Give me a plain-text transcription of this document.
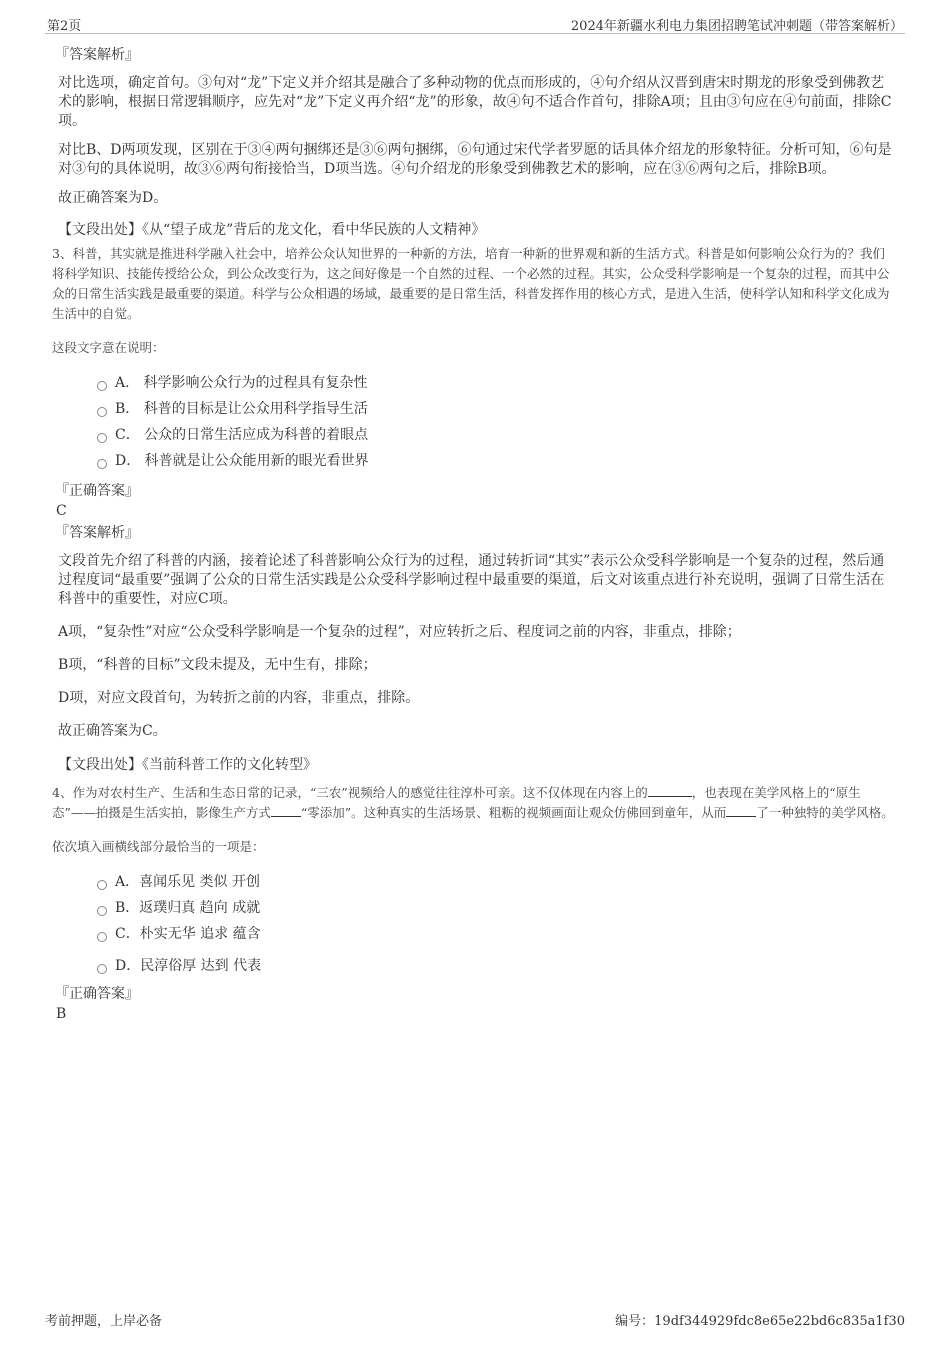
第2页	2024年新疆水利电力集团招聘笔试冲刺题（带答案解析）
『答案解析』
对比选项，确定首句。③句对“龙”下定义并介绍其是融合了多种动物的优点而形成的，④句介绍从汉晋到唐宋时期龙的形象受到佛教艺术的影响，根据日常逻辑顺序，应先对“龙”下定义再介绍“龙”的形象，故④句不适合作首句，排除A项；且由③句应在④句前面，排除C项。
对比B、D两项发现，区别在于③④两句捆绑还是③⑥两句捆绑，⑥句通过宋代学者罗愿的话具体介绍龙的形象特征。分析可知，⑥句是对③句的具体说明，故③⑥两句衔接恰当，D项当选。④句介绍龙的形象受到佛教艺术的影响，应在③⑥两句之后，排除B项。
故正确答案为D。
【文段出处】《从“望子成龙”背后的龙文化，看中华民族的人文精神》
3、科普，其实就是推进科学融入社会中，培养公众认知世界的一种新的方法，培育一种新的世界观和新的生活方式。科普是如何影响公众行为的？我们将科学知识、技能传授给公众，到公众改变行为，这之间好像是一个自然的过程、一个必然的过程。其实，公众受科学影响是一个复杂的过程，而其中公众的日常生活实践是最重要的渠道。科学与公众相遇的场域，最重要的是日常生活，科普发挥作用的核心方式，是进入生活，使科学认知和科学文化成为生活中的自觉。
这段文字意在说明：
A． 科学影响公众行为的过程具有复杂性
B． 科普的目标是让公众用科学指导生活
C． 公众的日常生活应成为科普的着眼点
D． 科普就是让公众能用新的眼光看世界
『正确答案』
C
『答案解析』
文段首先介绍了科普的内涵，接着论述了科普影响公众行为的过程，通过转折词“其实”表示公众受科学影响是一个复杂的过程，然后通过程度词“最重要”强调了公众的日常生活实践是公众受科学影响过程中最重要的渠道，后文对该重点进行补充说明，强调了日常生活在科普中的重要性，对应C项。
A项，“复杂性”对应“公众受科学影响是一个复杂的过程”，对应转折之后、程度词之前的内容，非重点，排除；
B项，“科普的目标”文段未提及，无中生有，排除；
D项，对应文段首句，为转折之前的内容，非重点，排除。
故正确答案为C。
【文段出处】《当前科普工作的文化转型》
4、作为对农村生产、生活和生态日常的记录，“三农”视频给人的感觉往往淳朴可亲。这不仅体现在内容上的	，也表现在美学风格上的“原生态”——拍摄是生活实拍，影像生产方式 “零添加”。这种真实的生活场景、粗粝的视频画面让观众仿佛回到童年，从而 了一种独特的美学风格。
依次填入画横线部分最恰当的一项是：
A．喜闻乐见 类似 开创
B．返璞归真 趋向 成就
C．朴实无华 追求 蕴含
D．民淳俗厚 达到 代表
『正确答案』
B
考前押题，上岸必备	编号：19df344929fdc8e65e22bd6c835a1f30
